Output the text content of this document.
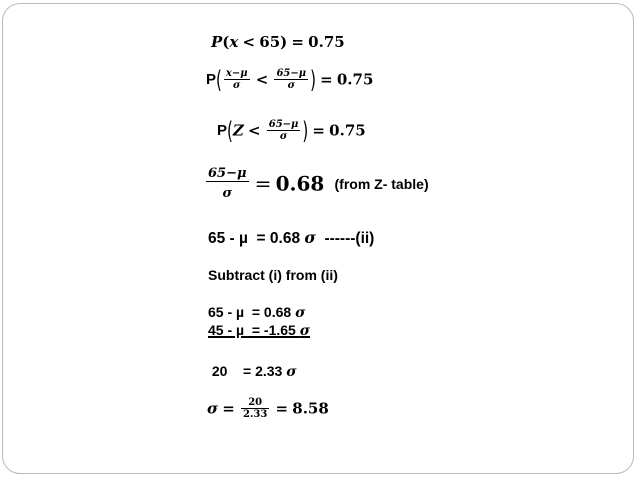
P(x < 65) = 0.75
$P( \frac{x-\mu}{\sigma} < \frac{65-\mu}{\sigma}$ ) = 0.75
$P(Z < \frac{65-\mu}{\sigma}$ ) = 0.75
$\frac{65-\mu}{\sigma} = 0.68$ (from Z- table)
65 - µ  = 0.68 σ  ------(ii)
Subtract (i) from (ii)
65 - µ  = 0.68 σ
45 - µ  = -1.65 σ
20    = 2.33 σ
$\sigma = \frac{20}{2.33} = 8.58$
